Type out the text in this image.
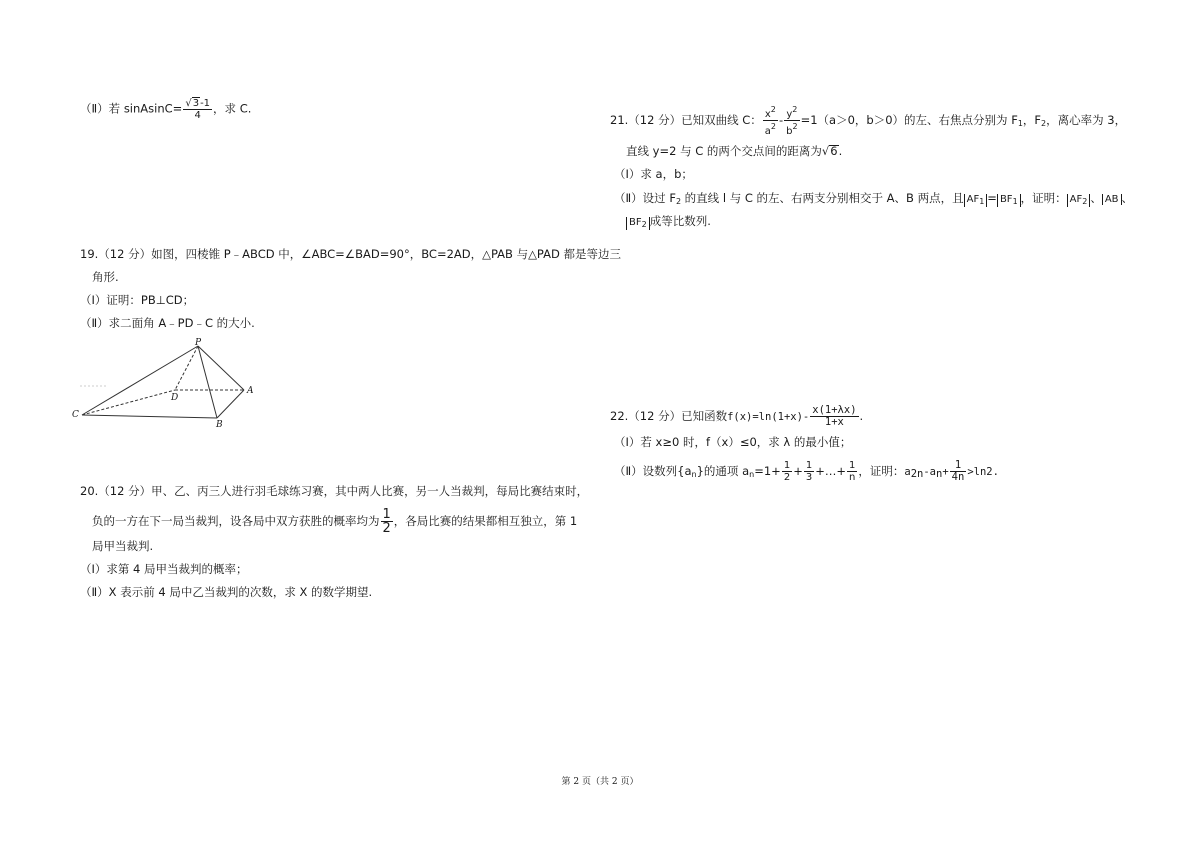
（Ⅱ）若 sinAsinC= $\frac{√3-1}{4}$ ，求 C.
19.（12 分）如图，四棱锥 P﹣ABCD 中，∠ABC=∠BAD=90°，BC=2AD，△PAB 与△PAD 都是等边三
角形.
（Ⅰ）证明：PB⊥CD；
（Ⅱ）求二面角 A﹣PD﹣C 的大小.
P
D
A
C
B
20.（12 分）甲、乙、丙三人进行羽毛球练习赛，其中两人比赛，另一人当裁判，每局比赛结束时，
负的一方在下一局当裁判，设各局中双方获胜的概率均为 $\frac{1}{2}$ ，各局比赛的结果都相互独立，第 1
局甲当裁判.
（Ⅰ）求第 4 局甲当裁判的概率；
（Ⅱ）X 表示前 4 局中乙当裁判的次数，求 X 的数学期望.
21.（12 分）已知双曲线 C： $\frac{x^2}{a^2} - \frac{y^2}{b^2} =1(a>0$，b＞0）的左、右焦点分别为 $F_1$，$F_2$，离心率为 3，
直线 y=2 与 C 的两个交点间的距离为√6.
（Ⅰ）求 a，b；
（Ⅱ）设过 $F_2$ 的直线 l 与 C 的左、右两支分别相交于 A、B 两点，且 $AF_1 = BF_1$ ，证明： $AF_2$ 、 AB 、
$BF_2$ 成等比数列.
22.（12 分）已知函数$f(x)=\ln(1+x)- \frac{x(1+\lambda x)}{1+x}$ .
（Ⅰ）若 x≥0 时，f（x）≤0，求 λ 的最小值；
（Ⅱ）设数列$\{a_n\}$的通项 $a_n=1+ \frac{1}{2} + \frac{1}{3}$ +…+ $\frac{1}{n}$ ，证明：$a2n-an+ \frac{1}{4n} >\ln 2$.
第 2 页（共 2 页）
